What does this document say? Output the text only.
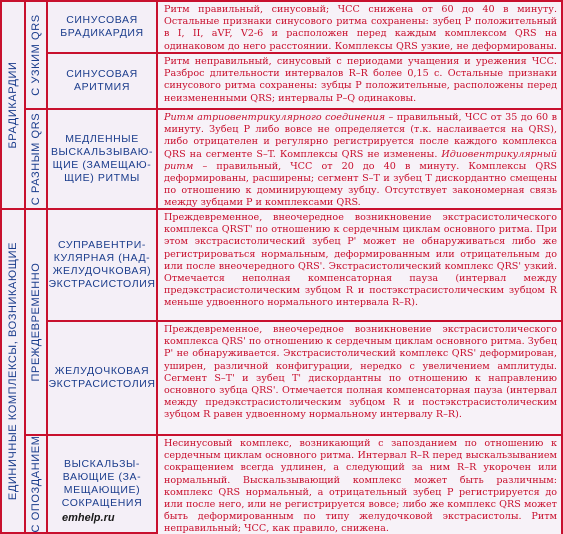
БРАДИКАРДИИ
ЕДИНИЧНЫЕ КОМПЛЕКСЫ, ВОЗНИКАЮЩИЕ
С УЗКИМ QRS
С РАЗНЫМ QRS
ПРЕЖДЕВРЕМЕННО
С ОПОЗДАНИЕМ
СИНУСОВАЯ
БРАДИКАРДИЯ
СИНУСОВАЯ
АРИТМИЯ
МЕДЛЕННЫЕ
ВЫСКАЛЬЗЫВАЮ-
ЩИЕ (ЗАМЕЩАЮ-
ЩИЕ) РИТМЫ
СУПРАВЕНТРИ-
КУЛЯРНАЯ (НАД-
ЖЕЛУДОЧКОВАЯ)
ЭКСТРАСИСТОЛИЯ
ЖЕЛУДОЧКОВАЯ
ЭКСТРАСИСТОЛИЯ
ВЫСКАЛЬЗЫ-
ВАЮЩИЕ (ЗА-
МЕЩАЮЩИЕ)
СОКРАЩЕНИЯ
Ритм правильный, синусовый; ЧСС снижена от 60 до 40 в минуту. Остальные признаки синусового ритма сохранены: зубец P положительный в I, II, aVF, V2-6 и расположен перед каждым комплексом QRS на одинаковом до него расстоянии. Комплексы QRS узкие, не деформированы.
Ритм неправильный, синусовый с периодами учащения и урежения ЧСС. Разброс длительности интервалов R–R более 0,15 с. Остальные признаки синусового ритма сохранены: зубцы P положительные, расположены перед неизмененными QRS; интервалы P–Q одинаковы.
Ритм атриовентрикулярного соединения – правильный, ЧСС от 35 до 60 в минуту. Зубец P либо вовсе не определяется (т.к. наслаивается на QRS), либо отрицателен и регулярно регистрируется после каждого комплекса QRS на сегменте S–T. Комплексы QRS не изменены. Идиовентрикулярный ритм – правильный, ЧСС от 20 до 40 в минуту. Комплексы QRS деформированы, расширены; сегмент S–T и зубец T дискордантно смещены по отношению к доминирующему зубцу. Отсутствует закономерная связь между зубцами P и комплексами QRS.
Преждевременное, внеочередное возникновение экстрасистолического комплекса QRST' по отношению к сердечным циклам основного ритма. При этом экстрасистолический зубец P' может не обнаруживаться либо же регистрироваться нормальным, деформированным или отрицательным до или после внеочередного QRS'. Экстрасистолический комплекс QRS' узкий. Отмечается неполная компенсаторная пауза (интервал между предэкстрасистолическим зубцом R и постэкстрасистолическим зубцом R меньше удвоенного нормального интервала R–R).
Преждевременное, внеочередное возникновение экстрасистолического комплекса QRS' по отношению к сердечным циклам основного ритма. Зубец P' не обнаруживается. Экстрасистолический комплекс QRS' деформирован, уширен, различной конфигурации, нередко с увеличением амплитуды. Сегмент S–T' и зубец T' дискордантны по отношению к направлению основного зубца QRS'. Отмечается полная компенсаторная пауза (интервал между предэкстрасистолическим зубцом R и постэкстрасистолическим зубцом R равен удвоенному нормальному интервалу R–R).
Несинусовый комплекс, возникающий с запозданием по отношению к сердечным циклам основного ритма. Интервал R–R перед выскальзыванием сокращением всегда удлинен, а следующий за ним R–R укорочен или нормальный. Выскальзывающий комплекс может быть различным: комплекс QRS нормальный, а отрицательный зубец P регистрируется до или после него, или не регистрируется вовсе; либо же комплекс QRS может быть деформированным по типу желудочковой экстрасистолы. Ритм неправильный; ЧСС, как правило, снижена.
emhelp.ru
